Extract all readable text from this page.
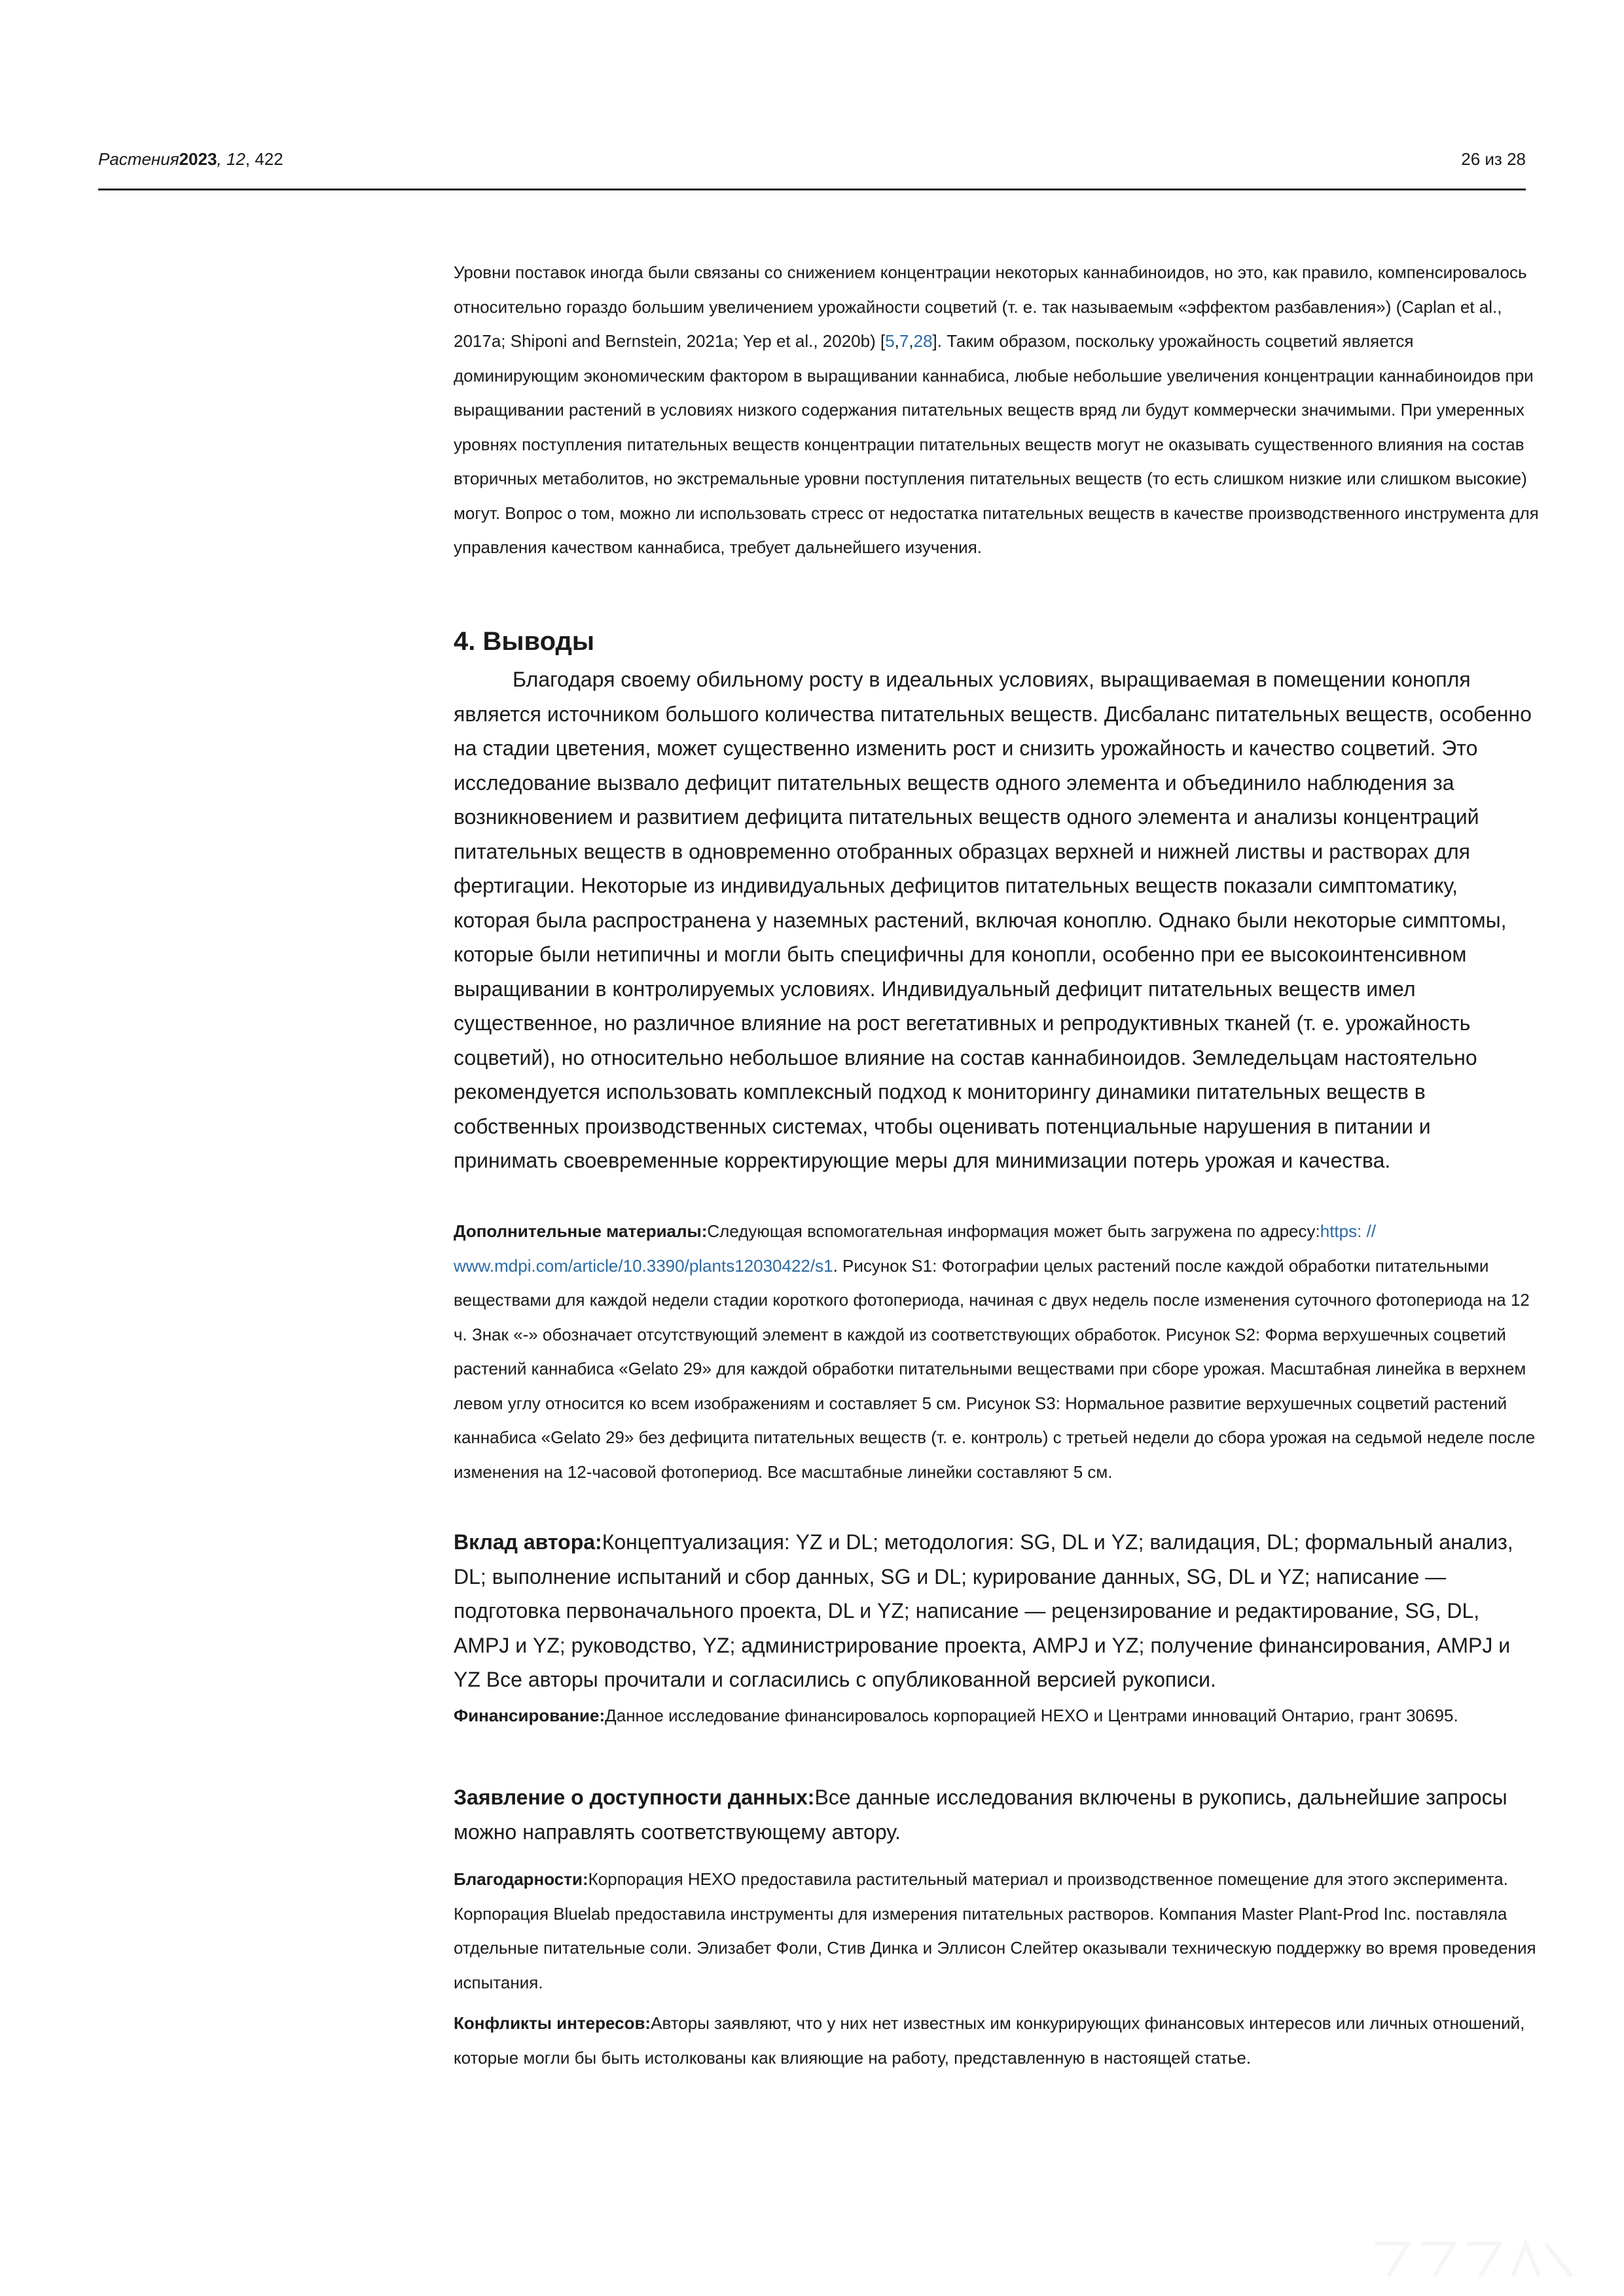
Растения2023, 12, 422	26 из 28

Уровни поставок иногда были связаны со снижением концентрации некоторых каннабиноидов, но это, как правило, компенсировалось относительно гораздо большим увеличением урожайности соцветий (т. е. так называемым «эффектом разбавления») (Caplan et al., 2017a; Shiponi and Bernstein, 2021a; Yep et al., 2020b) [5,7,28]. Таким образом, поскольку урожайность соцветий является доминирующим экономическим фактором в выращивании каннабиса, любые небольшие увеличения концентрации каннабиноидов при выращивании растений в условиях низкого содержания питательных веществ вряд ли будут коммерчески значимыми. При умеренных уровнях поступления питательных веществ концентрации питательных веществ могут не оказывать существенного влияния на состав вторичных метаболитов, но экстремальные уровни поступления питательных веществ (то есть слишком низкие или слишком высокие) могут. Вопрос о том, можно ли использовать стресс от недостатка питательных веществ в качестве производственного инструмента для управления качеством каннабиса, требует дальнейшего изучения.

4. Выводы

Благодаря своему обильному росту в идеальных условиях, выращиваемая в помещении конопля является источником большого количества питательных веществ. Дисбаланс питательных веществ, особенно на стадии цветения, может существенно изменить рост и снизить урожайность и качество соцветий. Это исследование вызвало дефицит питательных веществ одного элемента и объединило наблюдения за возникновением и развитием дефицита питательных веществ одного элемента и анализы концентраций питательных веществ в одновременно отобранных образцах верхней и нижней листвы и растворах для фертигации. Некоторые из индивидуальных дефицитов питательных веществ показали симптоматику, которая была распространена у наземных растений, включая коноплю. Однако были некоторые симптомы, которые были нетипичны и могли быть специфичны для конопли, особенно при ее высокоинтенсивном выращивании в контролируемых условиях. Индивидуальный дефицит питательных веществ имел существенное, но различное влияние на рост вегетативных и репродуктивных тканей (т. е. урожайность соцветий), но относительно небольшое влияние на состав каннабиноидов. Земледельцам настоятельно рекомендуется использовать комплексный подход к мониторингу динамики питательных веществ в собственных производственных системах, чтобы оценивать потенциальные нарушения в питании и принимать своевременные корректирующие меры для минимизации потерь урожая и качества.

Дополнительные материалы:Следующая вспомогательная информация может быть загружена по адресу:https: // www.mdpi.com/article/10.3390/plants12030422/s1. Рисунок S1: Фотографии целых растений после каждой обработки питательными веществами для каждой недели стадии короткого фотопериода, начиная с двух недель после изменения суточного фотопериода на 12 ч. Знак «-» обозначает отсутствующий элемент в каждой из соответствующих обработок. Рисунок S2: Форма верхушечных соцветий растений каннабиса «Gelato 29» для каждой обработки питательными веществами при сборе урожая. Масштабная линейка в верхнем левом углу относится ко всем изображениям и составляет 5 см. Рисунок S3: Нормальное развитие верхушечных соцветий растений каннабиса «Gelato 29» без дефицита питательных веществ (т. е. контроль) с третьей недели до сбора урожая на седьмой неделе после изменения на 12-часовой фотопериод. Все масштабные линейки составляют 5 см.

Вклад автора:Концептуализация: YZ и DL; методология: SG, DL и YZ; валидация, DL; формальный анализ, DL; выполнение испытаний и сбор данных, SG и DL; курирование данных, SG, DL и YZ; написание — подготовка первоначального проекта, DL и YZ; написание — рецензирование и редактирование, SG, DL, AMPJ и YZ; руководство, YZ; администрирование проекта, AMPJ и YZ; получение финансирования, AMPJ и YZ Все авторы прочитали и согласились с опубликованной версией рукописи.

Финансирование:Данное исследование финансировалось корпорацией HEXO и Центрами инноваций Онтарио, грант 30695.

Заявление о доступности данных:Все данные исследования включены в рукопись, дальнейшие запросы можно направлять соответствующему автору.

Благодарности:Корпорация HEXO предоставила растительный материал и производственное помещение для этого эксперимента. Корпорация Bluelab предоставила инструменты для измерения питательных растворов. Компания Master Plant-Prod Inc. поставляла отдельные питательные соли. Элизабет Фоли, Стив Динка и Эллисон Слейтер оказывали техническую поддержку во время проведения испытания.

Конфликты интересов:Авторы заявляют, что у них нет известных им конкурирующих финансовых интересов или личных отношений, которые могли бы быть истолкованы как влияющие на работу, представленную в настоящей статье.
